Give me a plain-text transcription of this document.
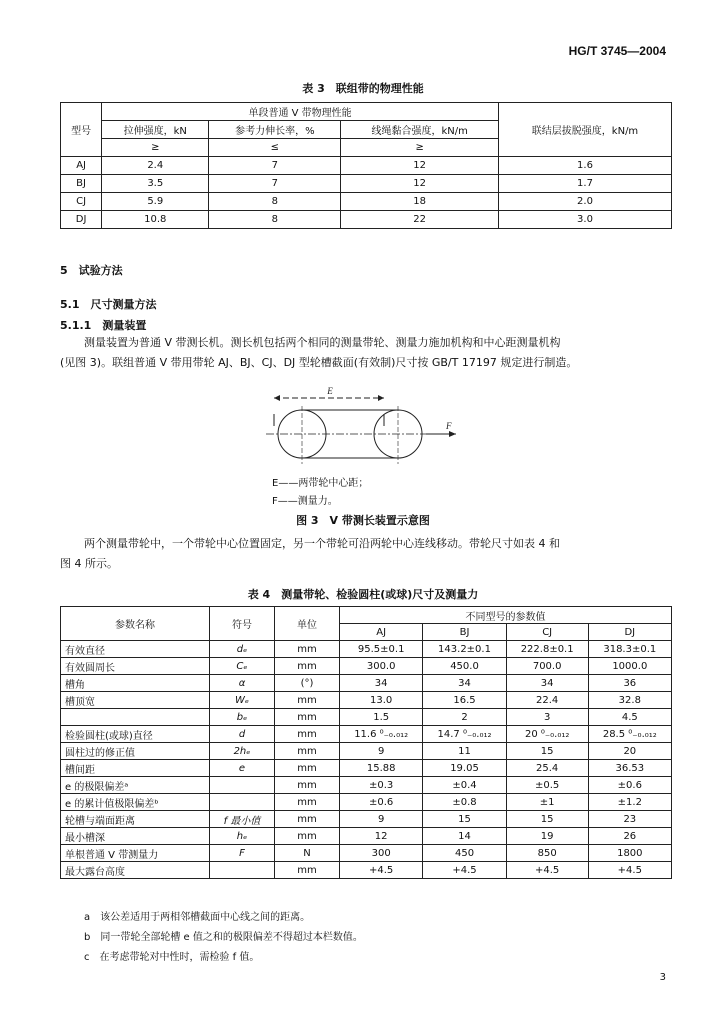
HG/T 3745—2004
表 3　联组带的物理性能
型号	单段普通 V 带物理性能			联结层拔脱强度，kN/m
	拉伸强度，kN	参考力伸长率，%	线绳黏合强度，kN/m	
	≥	≤	≥	
AJ	2.4	7	12	1.6
BJ	3.5	7	12	1.7
CJ	5.9	8	18	2.0
DJ	10.8	8	22	3.0
5　试验方法
5.1　尺寸测量方法
5.1.1　测量装置
测量装置为普通 V 带测长机。测长机包括两个相同的测量带轮、测量力施加机构和中心距测量机构
(见图 3)。联组普通 V 带用带轮 AJ、BJ、CJ、DJ 型轮槽截面(有效制)尺寸按 GB/T 17197 规定进行制造。
E
F
E——两带轮中心距；
F——测量力。
图 3　V 带测长装置示意图
两个测量带轮中，一个带轮中心位置固定，另一个带轮可沿两轮中心连线移动。带轮尺寸如表 4 和
图 4 所示。
表 4　测量带轮、检验圆柱(或球)尺寸及测量力
参数名称	符号	单位	不同型号的参数值			
			AJ	BJ	CJ	DJ
有效直径	dₑ	mm	95.5±0.1	143.2±0.1	222.8±0.1	318.3±0.1
有效圆周长	Cₑ	mm	300.0	450.0	700.0	1000.0
槽角	α	(°)	34	34	34	36
槽顶宽	Wₑ	mm	13.0	16.5	22.4	32.8
	bₑ	mm	1.5	2	3	4.5
检验圆柱(或球)直径	d	mm	11.6 ⁰₋₀.₀₁₂	14.7 ⁰₋₀.₀₁₂	20 ⁰₋₀.₀₁₂	28.5 ⁰₋₀.₀₁₂
圆柱过的修正值	2hₑ	mm	9	11	15	20
槽间距	e	mm	15.88	19.05	25.4	36.53
e 的极限偏差ᵃ		mm	±0.3	±0.4	±0.5	±0.6
e 的累计值极限偏差ᵇ		mm	±0.6	±0.8	±1	±1.2
轮槽与端面距离	f 最小值	mm	9	15	15	23
最小槽深	hₑ	mm	12	14	19	26
单根普通 V 带测量力	F	N	300	450	850	1800
最大露台高度		mm	+4.5	+4.5	+4.5	+4.5
a　该公差适用于两相邻槽截面中心线之间的距离。
b　同一带轮全部轮槽 e 值之和的极限偏差不得超过本栏数值。
c　在考虑带轮对中性时，需检验 f 值。
3
